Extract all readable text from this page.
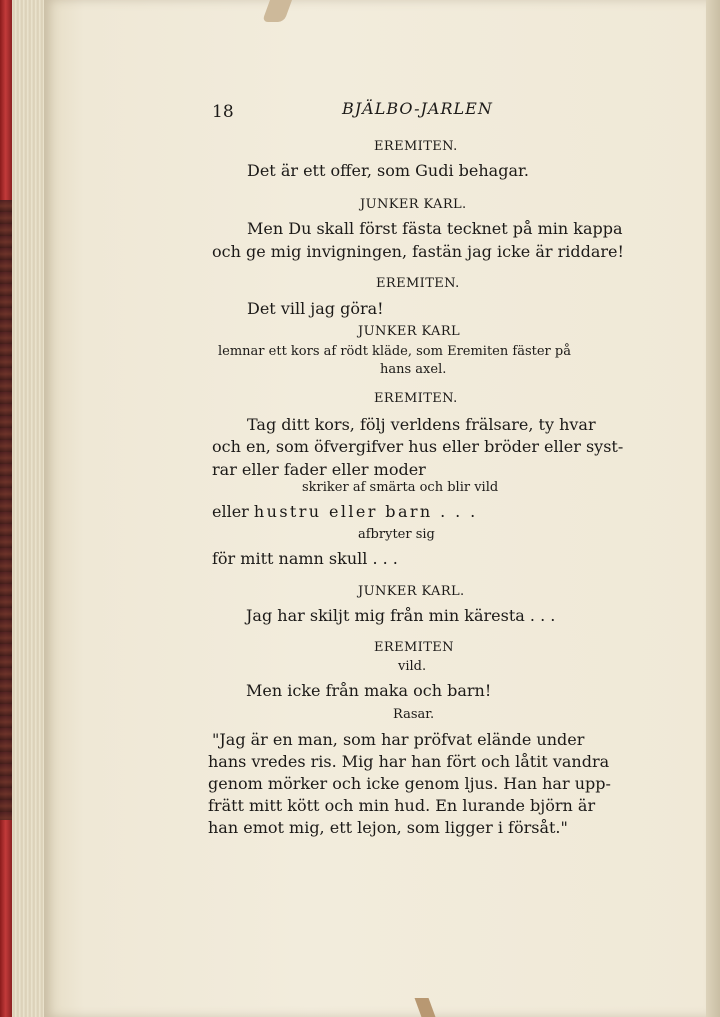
18	BJÄLBO-JARLEN
EREMITEN.
Det är ett offer, som Gudi behagar.
JUNKER KARL.
Men Du skall först fästa tecknet på min kappa
och ge mig invigningen, fastän jag icke är riddare!
EREMITEN.
Det vill jag göra!
JUNKER KARL
lemnar ett kors af rödt kläde, som Eremiten fäster på
hans axel.
EREMITEN.
Tag ditt kors, följ verldens frälsare, ty hvar
och en, som öfvergifver hus eller bröder eller syst-
rar eller fader eller moder
skriker af smärta och blir vild
eller hustru eller barn . . .
afbryter sig
för mitt namn skull . . .
JUNKER KARL.
Jag har skiljt mig från min käresta . . .
EREMITEN
vild.
Men icke från maka och barn!
Rasar.
"Jag är en man, som har pröfvat elände under
hans vredes ris. Mig har han fört och låtit vandra
genom mörker och icke genom ljus. Han har upp-
frätt mitt kött och min hud. En lurande björn är
han emot mig, ett lejon, som ligger i försåt."
